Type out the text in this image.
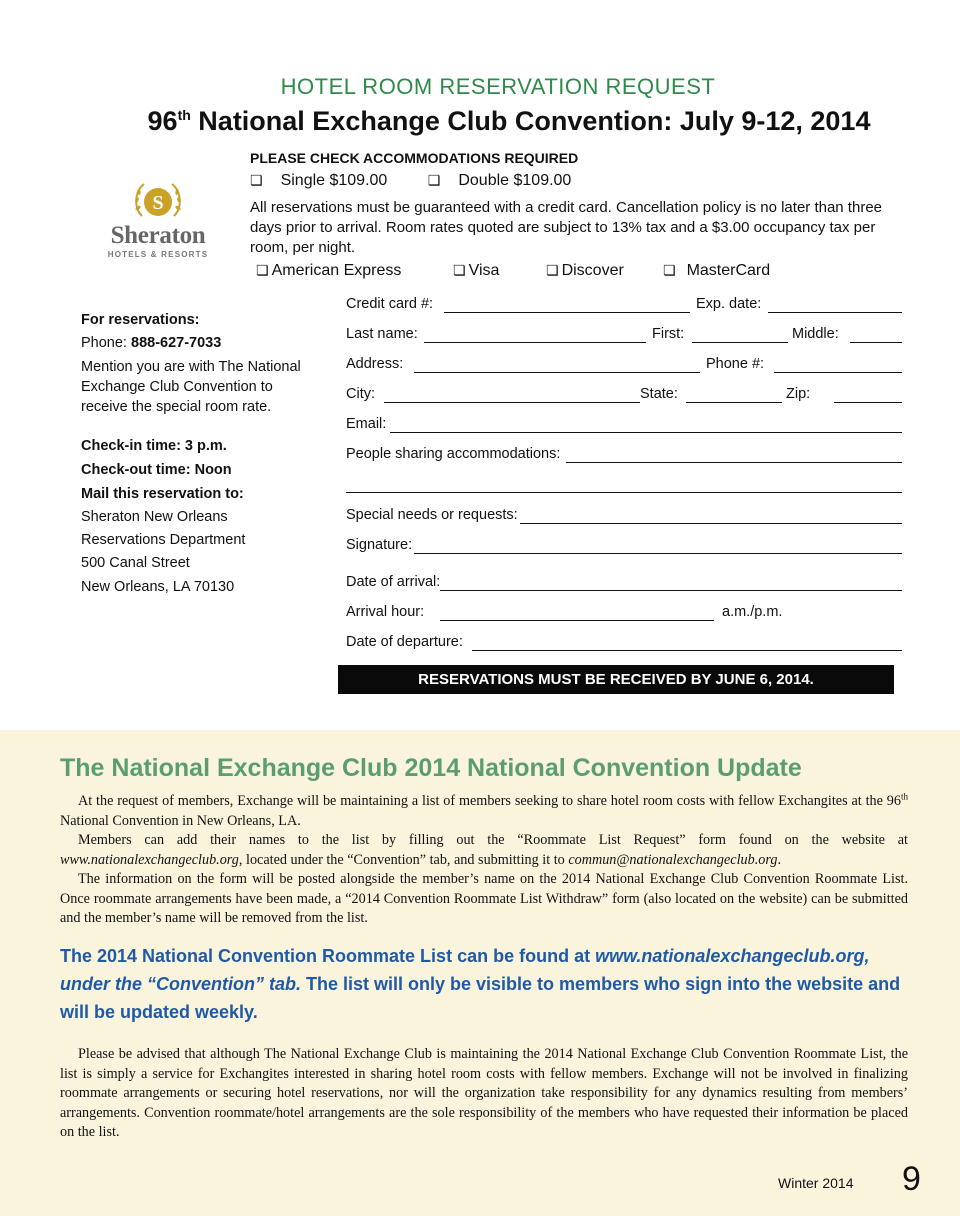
HOTEL ROOM RESERVATION REQUEST
96th National Exchange Club Convention: July 9-12, 2014
S
Sheraton
HOTELS & RESORTS
PLEASE CHECK ACCOMMODATIONS REQUIRED
❏ Single $109.00	❏ Double $109.00
All reservations must be guaranteed with a credit card. Cancellation policy is no later than three days prior to arrival. Room rates quoted are subject to 13% tax and a $3.00 occupancy tax per room, per night.
❏ American Express	❏ Visa	❏ Discover	❏ MasterCard
For reservations:
Phone: 888-627-7033
Mention you are with The National Exchange Club Convention to receive the special room rate.
Check-in time: 3 p.m.
Check-out time: Noon
Mail this reservation to:
Sheraton New Orleans
Reservations Department
500 Canal Street
New Orleans, LA 70130
Credit card #:	Exp. date:
Last name:	First:	Middle:
Address:	Phone #:
City:	State:	Zip:
Email:
People sharing accommodations:
Special needs or requests:
Signature:
Date of arrival:
Arrival hour:	a.m./p.m.
Date of departure:
RESERVATIONS MUST BE RECEIVED BY JUNE 6, 2014.
The National Exchange Club 2014 National Convention Update
At the request of members, Exchange will be maintaining a list of members seeking to share hotel room costs with fellow Exchangites at the 96th National Convention in New Orleans, LA.
Members can add their names to the list by filling out the “Roommate List Request” form found on the website at www.nationalexchangeclub.org, located under the “Convention” tab, and submitting it to commun@nationalexchangeclub.org.
The information on the form will be posted alongside the member’s name on the 2014 National Exchange Club Convention Roommate List. Once roommate arrangements have been made, a “2014 Convention Roommate List Withdraw” form (also located on the website) can be submitted and the member’s name will be removed from the list.
The 2014 National Convention Roommate List can be found at www.nationalexchangeclub.org, under the “Convention” tab. The list will only be visible to members who sign into the website and will be updated weekly.
Please be advised that although The National Exchange Club is maintaining the 2014 National Exchange Club Convention Roommate List, the list is simply a service for Exchangites interested in sharing hotel room costs with fellow members. Exchange will not be involved in finalizing roommate arrangements or securing hotel reservations, nor will the organization take responsibility for any dynamics resulting from members’ arrangements. Convention roommate/hotel arrangements are the sole responsibility of the members who have requested their information be placed on the list.
Winter 2014 9
